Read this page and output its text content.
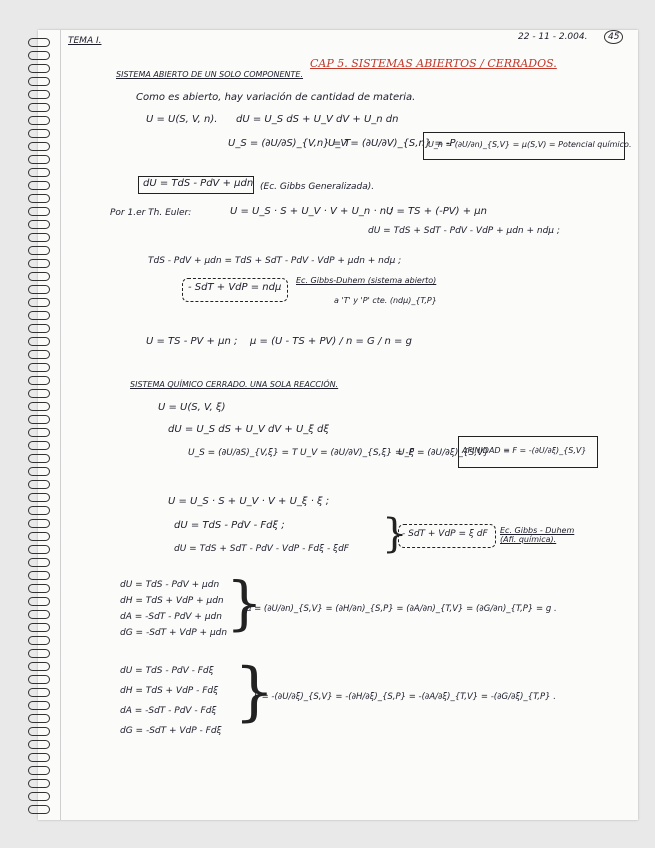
TEMA I.	22 - 11 - 2.004.	45
SISTEMA ABIERTO DE UN SOLO COMPONENTE.
CAP 5. SISTEMAS ABIERTOS / CERRADOS.
Como es abierto, hay variación de cantidad de materia.
U = U(S, V, n). dU = U_S dS + U_V dV + U_n dn
U_S = (∂U/∂S)_{V,n} = T
U_V = (∂U/∂V)_{S,n} = -P
U_n = (∂U/∂n)_{S,V} = μ(S,V) = Potencial químico.
dU = TdS - PdV + μdn (Ec. Gibbs Generalizada).
Por 1.er Th. Euler:	U = U_S · S + U_V · V + U_n · n ;
U = TS + (-PV) + μn
dU = TdS + SdT - PdV - VdP + μdn + ndμ ;
TdS - PdV + μdn = TdS + SdT - PdV - VdP + μdn + ndμ ;
- SdT + VdP = ndμ
Ec. Gibbs-Duhem (sistema abierto)
a 'T' y 'P' cte. (ndμ)_{T,P}
U = TS - PV + μn ; μ = (U - TS + PV) / n = G / n = g
SISTEMA QUÍMICO CERRADO. UNA SOLA REACCIÓN.
U = U(S, V, ξ)
dU = U_S dS + U_V dV + U_ξ dξ
U_S = (∂U/∂S)_{V,ξ} = T U_V = (∂U/∂V)_{S,ξ} = -P
U_ξ = (∂U/∂ξ)_{S,V}
AFINIDAD ≡ F = -(∂U/∂ξ)_{S,V}
U = U_S · S + U_V · V + U_ξ · ξ ;
dU = TdS - PdV - Fdξ ;
dU = TdS + SdT - PdV - VdP - Fdξ - ξdF }
- SdT + VdP = ξ dF Ec. Gibbs - Duhem (Afi. química).
dU = TdS - PdV + μdn
dH = TdS + VdP + μdn
dA = -SdT - PdV + μdn
dG = -SdT + VdP + μdn
}
μ = (∂U/∂n)_{S,V} = (∂H/∂n)_{S,P} = (∂A/∂n)_{T,V} = (∂G/∂n)_{T,P} = g .
dU = TdS - PdV - Fdξ
dH = TdS + VdP - Fdξ
dA = -SdT - PdV - Fdξ
dG = -SdT + VdP - Fdξ
}
F = -(∂U/∂ξ)_{S,V} = -(∂H/∂ξ)_{S,P} = -(∂A/∂ξ)_{T,V} = -(∂G/∂ξ)_{T,P} .
